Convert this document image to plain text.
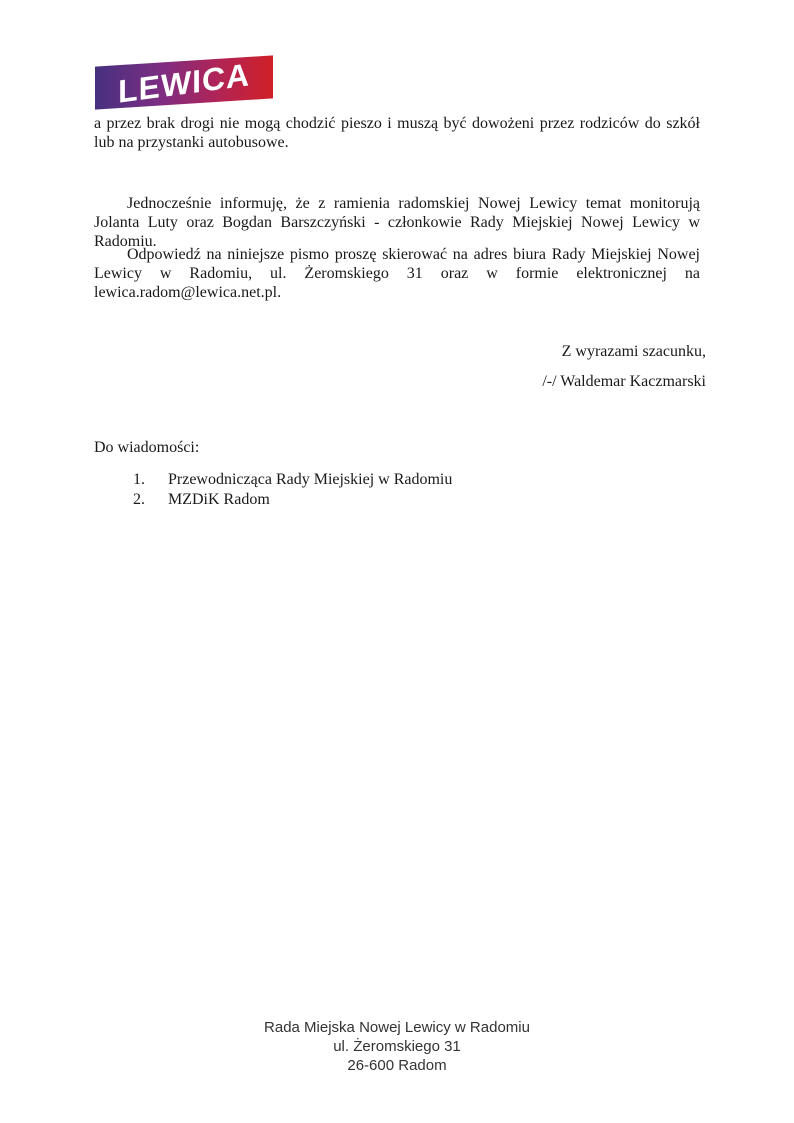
LEWICA

a przez brak drogi nie mogą chodzić pieszo i muszą być dowożeni przez rodziców do szkół lub na przystanki autobusowe.

Jednocześnie informuję, że z ramienia radomskiej Nowej Lewicy temat monitorują Jolanta Luty oraz Bogdan Barszczyński - członkowie Rady Miejskiej Nowej Lewicy w Radomiu.

Odpowiedź na niniejsze pismo proszę skierować na adres biura Rady Miejskiej Nowej Lewicy w Radomiu, ul. Żeromskiego 31 oraz w formie elektronicznej na lewica.radom@lewica.net.pl.

Z wyrazami szacunku,
/-/ Waldemar Kaczmarski
Do wiadomości:
1.	Przewodnicząca Rady Miejskiej w Radomiu
2.	MZDiK Radom
Rada Miejska Nowej Lewicy w Radomiu
ul. Żeromskiego 31
26-600 Radom
